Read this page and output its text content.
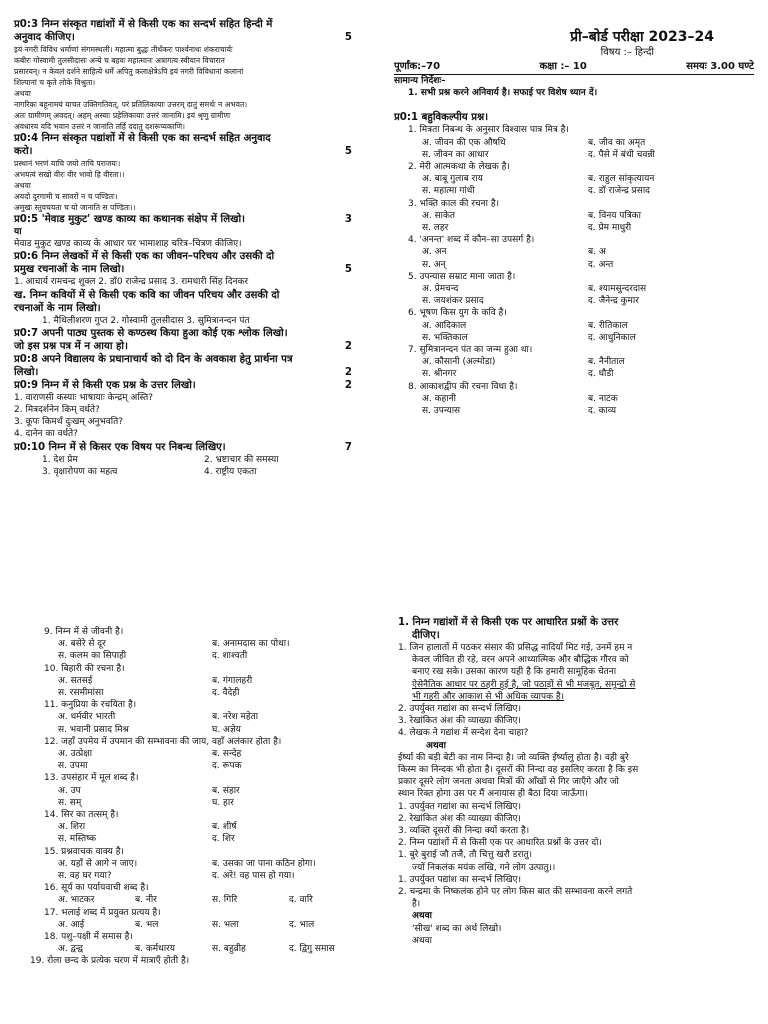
प्र0:3 निम्न संस्कृत गद्यांशों में से किसी एक का सन्दर्भ सहित हिन्दी में

अनुवाद कीजिए।	5

इयं नगरी विविध धर्माणां संगमस्थली। महात्मा बुद्धः तीर्थंकरः पार्श्वनाथः शंकराचार्यः

कबीरः गोस्वामी तुलसीदासः अन्ये च बहवः महात्मानः अत्रागत्य स्वीयान विचारान

प्रसारयन्। न केवलं दर्शने साहित्ये धर्मे अपितु कलाक्षेत्रेऽपि इयं नगरी विविधानां कलानां

शिल्पानां च कृते लोके विश्रुता।

अथवा

नागरिकः बहूनामयं याचत उक्तिगतिवत्, परं प्रतिलिकायाः उत्तरम् दातुं समर्थः न अभवत।

अतः ग्रामीणम् अवदत्। अहम् अस्याः प्रहेलिकायाः उत्तरं जानामि। इयं श्रृणु ग्रामीणः

अवधारय यदि भवान उत्तरं न जानाति तर्हि ददातु दशरूप्यकाणि।

प्र0:4 निम्न संस्कृत पद्यांशों में से किसी एक का सन्दर्भ सहित अनुवाद

करो।	5

प्रस्थानं भरणं याचि जयो ताचि पराजयः।

अभयत्वं सखो वीरः वीर भावो हि वीरता।।

अथवा

अयदो दुरगामी च सावरों न च पण्डितः।

अमुखः स्तुवचयता च यो जानाति स पण्डितः।।

प्र0:5 'मेवाड मुकुट' खण्ड काव्य का कथानक संक्षेप में लिखो।	3

या

मेवाड मुकुट खण्ड काव्य के आधार पर भामाशाह चरित्र–चित्रण कीजिए।

प्र0:6 निम्न लेखकों में से किसी एक का जीवन–परिचय और उसकी दो

प्रमुख रचनाओं के नाम लिखो।	5

1. आचार्य रामचन्द्र शुक्ल 2. डॉ0 राजेन्द्र प्रसाद 3. रामधारी सिंह दिनकर

ख. निम्न कवियों में से किसी एक कवि का जीवन परिचय और उसकी दो

रचनाओं के नाम लिखो।

1. मैथिलीशरण गुप्त 2. गोस्वामी तुलसीदास 3. सुमित्रानन्दन पंत

प्र0:7 अपनी पाठ्य पुस्तक से कण्ठस्थ किया हुआ कोई एक श्लोक लिखो।

जो इस प्रश्न पत्र में न आया हो।	2

प्र0:8 अपने विद्यालय के प्रधानाचार्य को दो दिन के अवकाश हेतु प्रार्थना पत्र

लिखो।	2

प्र0:9 निम्न में से किसी एक प्रश्न के उत्तर लिखो।	2

1. वाराणसी कस्याः भाषायाः केन्द्रम् अस्ति?

2. मित्रदर्शनेन किम् वर्धते?

3. कूपः किमर्थं दुःखम् अनुभवति?

4. दानेन का वर्धते?

प्र0:10 निम्न में से किसर एक विषय पर निबन्ध लिखिए।	7

1. देश प्रेम	2. भ्रष्टाचार की समस्या
3. वृक्षारोपण का महत्व	4. राष्ट्रीय एकता

प्री–बोर्ड परीक्षा 2023–24

विषय :– हिन्दी

पूर्णांक:–70	कक्षा :– 10	समयः 3.00 घण्टे

सामान्य निर्देशः–

1. सभी प्रश्न करने अनिवार्य है। सफाई पर विशेष ध्यान दें।

प्र0:1 बहुविकल्पीय प्रश्न।

1. मित्रता निबन्ध के अनुसार विश्वास पात्र मित्र है।

अ. जीवन की एक औषधि	ब. जीव का अमृत
स. जीवन का आधार	द. पैसे में बंधी चवन्नी

2. मेरी आत्मकथा के लेखक है।

अ. बाबू गुलाब राय	ब. राहुल सांकृत्यायन
स. महात्मा गांधी	द. डॉ राजेन्द्र प्रसाद

3. भक्ति काल की रचना है।

अ. साकेत	ब. विनय पत्रिका
स. लहर	द. प्रेम माधुरी

4. 'अनन्त' शब्द में कौन–सा उपसर्ग है।

अ. अन	ब. अ
स. अन्	द. अन्त

5. उपन्यास सम्राट माना जाता है।

अ. प्रेमचन्द	ब. श्यामसुन्दरदास
स. जयशंकर प्रसाद	द. जैनेन्द्र कुमार

6. भूषण किस युग के कवि है।

अ. आदिकाल	ब. रीतिकाल
स. भक्तिकाल	द. आधुनिकाल

7. सुमित्रानन्दन पंत का जन्म हुआ था।

अ. कौसानी (अल्मोडा)	ब. नैनीताल
स. श्रीनगर	द. धौडी

8. आकाशद्वीप की रचना विधा है।

अ. कहानी	ब. नाटक
स. उपन्यास	द. काव्य

9. निम्न में से जीवनी है।

अ. बसेरे से दूर	ब. अनामदास का पोथा।
स. कलम का सिपाही	द. शाश्वती

10. बिहारी की रचना है।

अ. सतसई	ब. गंगालहरी
स. रसमीमांसा	द. वैदेही

11. कनुप्रिया के रचयिता है।

अ. धर्मवीर भारती	ब. नरेश महेता
स. भवानी प्रसाद मिश्र	घ. अज्ञेय

12. जहाँ उपमेय में उपमान की सम्भावना की जाय, वहाँ अलंकार होता है।

अ. उत्प्रेक्षा	ब. सन्देह
स. उपमा	द. रूपक

13. उपसंहार में मूल शब्द है।

अ. उप	ब. संहार
स. सम्	घ. हार

14. सिर का तत्सम् है।

अ. शिरा	ब. शीर्ष
स. मस्तिष्क	द. शिर

15. प्रश्नवाचक वाक्य है।

अ. यहाँ से आगे न जाए।	ब. उसका जा पाना कठिन होगा।
स. वह घर गया?	द. अरे! वह पास हो गया।

16. सूर्य का पर्यायवाची शब्द है।

अ. भाटकर	ब. नीर	स. गिरि	द. वारि

17. भलाई शब्द में प्रयुक्त प्रत्यय है।

अ. आई	ब. भल	स. भला	द. भाल

18. पशु–पक्षी में समास है।

अ. द्वन्द्व	ब. कर्मधारय	स. बहुव्रीह	द. द्विगु समास

19. रोला छन्द के प्रत्येक चरण में मात्राएँ होती है।

1. निम्न गद्यांशों में से किसी एक पर आधारित प्रश्नों के उत्तर

दीजिए।

1. जिन हालातों में पठकर संसार की प्रसिद्ध नादियाँ मिट गई, उनमें हम न

केवल जीवित ही रहे, वरन अपने आध्यात्मिक और बौद्धिक गौरव को

बनाए रख सके। उसका कारण यही है कि हमारी सामूहिक चेतना

ऐसेनैतिक आधार पर ठहरी हुई है, जो पठाड़ों से भी मजबूत, समुन्द्रो से

भी गहरी और आकाश से भी अधिक व्यापक है।

2. उपर्युक्त गद्यांश का सन्दर्भ लिखिए।

3. रेखांकित अंश की व्याख्या कीजिए।

4. लेखक ने गद्यांश में सन्देश देना चाहा?

अथवा

ईर्ष्या की बड़ी बेटी का नाम निन्दा है। जो व्यक्ति ईर्ष्यालु होता है। वही बुरे

किस्म का निन्दक भी होता है। दूसरों की निन्दा वह इसलिए करता है कि इस

प्रकार दूसरे लोग जनता अथवा मित्रों की आँखों से गिर जाएँगे और जो

स्थान रिक्त होगा उस पर मैं अनायास ही बैठा दिया जाऊँगा।

1. उपर्युक्त गद्यांश का सन्दर्भ लिखिए।

2. रेखांकित अंश की व्याख्या कीजिए।

3. व्यक्ति दूसरों की निन्दा क्यों करता है।

2. निम्न पद्यांशों में से किसी एक पर आधारित प्रश्नों के उत्तर दो।

1. बुरे बुराई जौ तजै, तौ चित्तु खरौ डरातु।

ज्यों निकलंक मयंक लखि, गने लोग उत्पातु।।

1. उपर्युक्त पद्यांश का सन्दर्भ लिखिए।

2. चन्द्रमा के निष्कलंक होने पर लोग किस बात की सम्भावना करने लगते

है।

अथवा

'सीख' शब्द का अर्थ लिखो।

अथवा
